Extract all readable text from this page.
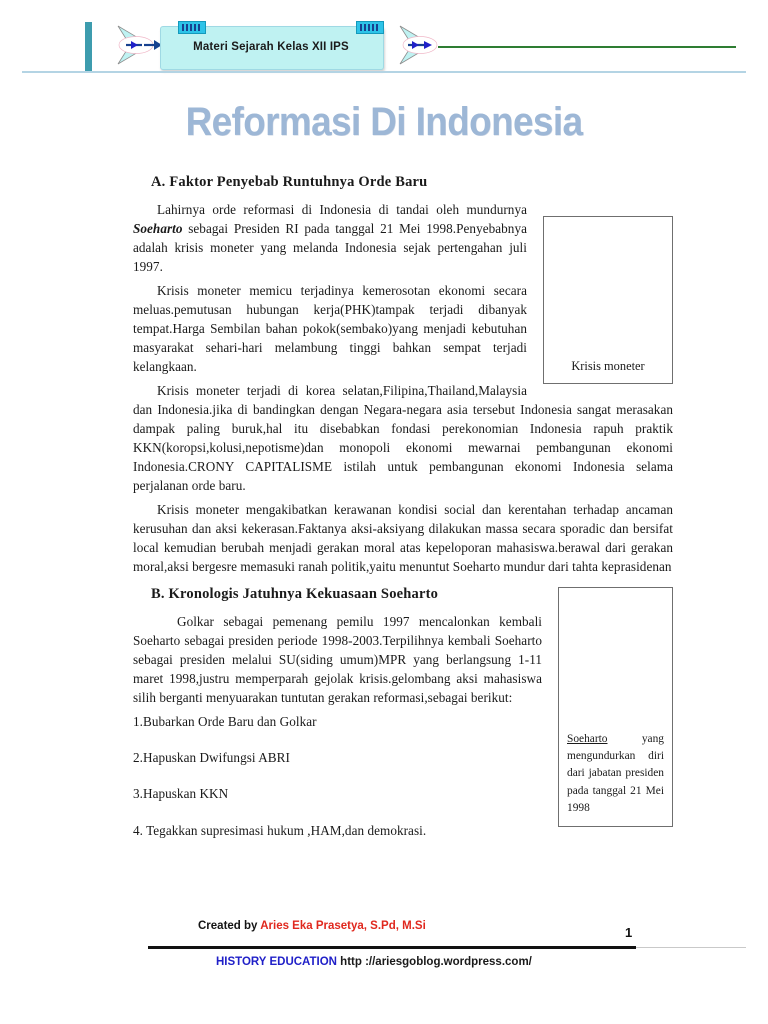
Materi Sejarah Kelas XII IPS
Reformasi Di Indonesia
Krisis moneter
A. Faktor Penyebab Runtuhnya Orde Baru

Lahirnya orde reformasi di Indonesia di tandai oleh mundurnya Soeharto sebagai Presiden RI pada tanggal 21 Mei 1998.Penyebabnya adalah krisis moneter yang melanda Indonesia sejak pertengahan juli 1997.

Krisis moneter memicu terjadinya kemerosotan ekonomi secara meluas.pemutusan hubungan kerja(PHK)tampak terjadi dibanyak tempat.Harga Sembilan bahan pokok(sembako)yang menjadi kebutuhan masyarakat sehari-hari melambung tinggi bahkan sempat terjadi kelangkaan.

Krisis moneter terjadi di korea selatan,Filipina,Thailand,Malaysia dan Indonesia.jika di bandingkan dengan Negara-negara asia tersebut Indonesia sangat merasakan dampak paling buruk,hal itu disebabkan fondasi perekonomian Indonesia rapuh praktik KKN(koropsi,kolusi,nepotisme)dan monopoli ekonomi mewarnai pembangunan ekonomi Indonesia.CRONY CAPITALISME istilah untuk pembangunan ekonomi Indonesia selama perjalanan orde baru.

Krisis moneter mengakibatkan kerawanan kondisi social dan kerentahan terhadap ancaman kerusuhan dan aksi kekerasan.Faktanya aksi-aksiyang dilakukan massa secara sporadic dan bersifat local kemudian berubah menjadi gerakan moral atas kepeloporan mahasiswa.berawal dari gerakan moral,aksi bergesre memasuki ranah politik,yaitu menuntut Soeharto mundur dari tahta keprasidenan

Soeharto yang mengundurkan diri dari jabatan presiden pada tanggal 21 Mei 1998
B. Kronologis Jatuhnya Kekuasaan Soeharto

Golkar sebagai pemenang pemilu 1997 mencalonkan kembali Soeharto sebagai presiden periode 1998-2003.Terpilihnya kembali Soeharto sebagai presiden melalui SU(siding umum)MPR yang berlangsung 1-11 maret 1998,justru memperparah gejolak krisis.gelombang aksi mahasiswa silih berganti menyuarakan tuntutan gerakan reformasi,sebagai berikut:

1.Bubarkan Orde Baru dan Golkar
2.Hapuskan Dwifungsi ABRI
3.Hapuskan KKN
4. Tegakkan supresimasi hukum ,HAM,dan demokrasi.
Created by Aries Eka Prasetya, S.Pd, M.Si	1
HISTORY EDUCATION http ://ariesgoblog.wordpress.com/
